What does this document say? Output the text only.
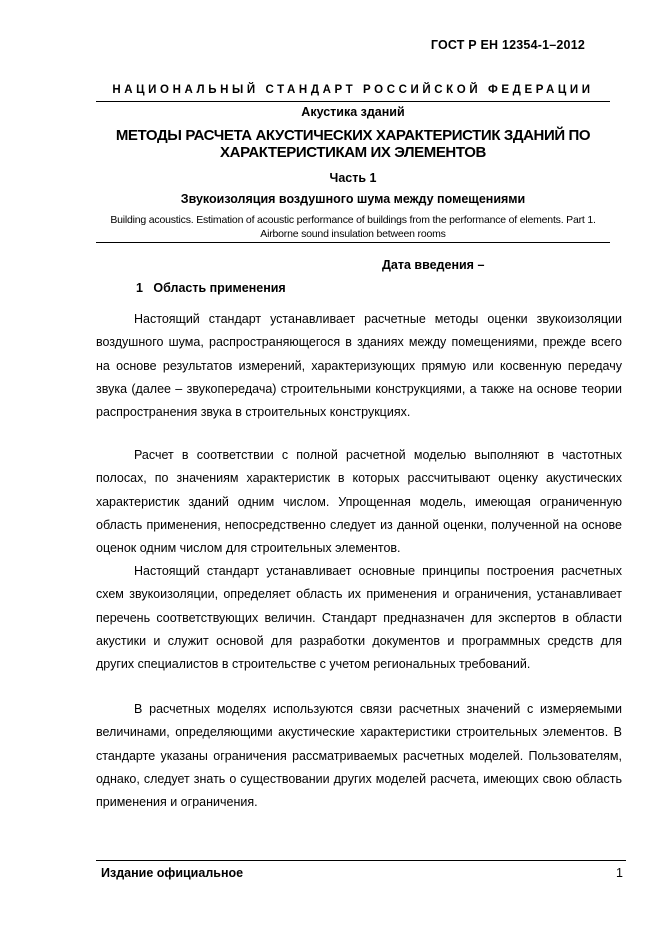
ГОСТ Р ЕН 12354-1–2012
НАЦИОНАЛЬНЫЙ СТАНДАРТ РОССИЙСКОЙ ФЕДЕРАЦИИ
Акустика зданий
МЕТОДЫ РАСЧЕТА АКУСТИЧЕСКИХ ХАРАКТЕРИСТИК ЗДАНИЙ ПО ХАРАКТЕРИСТИКАМ ИХ ЭЛЕМЕНТОВ
Часть 1
Звукоизоляция воздушного шума между помещениями
Building acoustics. Estimation of acoustic performance of buildings from the performance of elements. Part 1. Airborne sound insulation between rooms
Дата введения –
1 Область применения

Настоящий стандарт устанавливает расчетные методы оценки звукоизоляции воздушного шума, распространяющегося в зданиях между помещениями, прежде всего на основе результатов измерений, характеризующих прямую или косвенную передачу звука (далее – звукопередача) строительными конструкциями, а также на основе теории распространения звука в строительных конструкциях.

Расчет в соответствии с полной расчетной моделью выполняют в частотных полосах, по значениям характеристик в которых рассчитывают оценку акустических характеристик зданий одним числом. Упрощенная модель, имеющая ограниченную область применения, непосредственно следует из данной оценки, полученной на основе оценок одним числом для строительных элементов.

Настоящий стандарт устанавливает основные принципы построения расчетных схем звукоизоляции, определяет область их применения и ограничения, устанавливает перечень соответствующих величин. Стандарт предназначен для экспертов в области акустики и служит основой для разработки документов и программных средств для других специалистов в строительстве с учетом региональных требований.

В расчетных моделях используются связи расчетных значений с измеряемыми величинами, определяющими акустические характеристики строительных элементов. В стандарте указаны ограничения рассматриваемых расчетных моделей. Пользователям, однако, следует знать о существовании других моделей расчета, имеющих свою область применения и ограничения.

Издание официальное	1
